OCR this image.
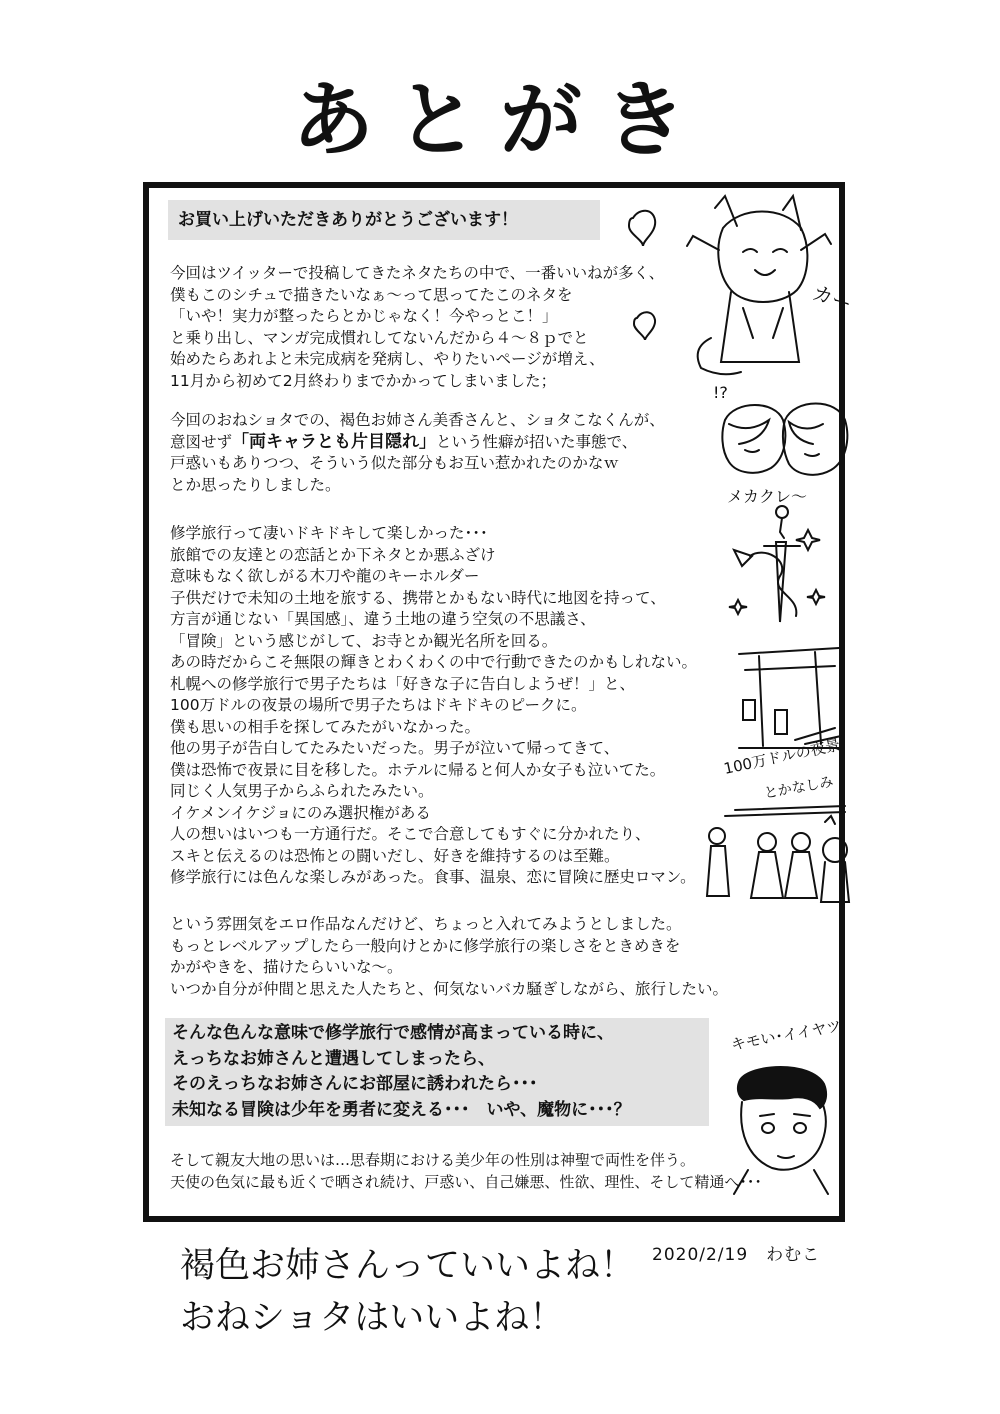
あとがき
お買い上げいただきありがとうございます！
今回はツイッターで投稿してきたネタたちの中で、一番いいねが多く、
僕もこのシチュで描きたいなぁ〜って思ってたこのネタを
「いや！実力が整ったらとかじゃなく！今やっとこ！」
と乗り出し、マンガ完成慣れしてないんだから４〜８ｐでと
始めたらあれよと未完成病を発病し、やりたいページが増え、
11月から初めて2月終わりまでかかってしまいました；
今回のおねショタでの、褐色お姉さん美香さんと、ショタこなくんが、
意図せず「両キャラとも片目隠れ」という性癖が招いた事態で、
戸惑いもありつつ、そういう似た部分もお互い惹かれたのかなｗ
とか思ったりしました。
修学旅行って凄いドキドキして楽しかった･･･
旅館での友達との恋話とか下ネタとか悪ふざけ
意味もなく欲しがる木刀や龍のキーホルダー
子供だけで未知の土地を旅する、携帯とかもない時代に地図を持って、
方言が通じない「異国感」、違う土地の違う空気の不思議さ、
「冒険」という感じがして、お寺とか観光名所を回る。
あの時だからこそ無限の輝きとわくわくの中で行動できたのかもしれない。
札幌への修学旅行で男子たちは「好きな子に告白しようぜ！」と、
100万ドルの夜景の場所で男子たちはドキドキのピークに。
僕も思いの相手を探してみたがいなかった。
他の男子が告白してたみたいだった。男子が泣いて帰ってきて、
僕は恐怖で夜景に目を移した。ホテルに帰ると何人か女子も泣いてた。
同じく人気男子からふられたみたい。
イケメンイケジョにのみ選択権がある
人の想いはいつも一方通行だ。そこで合意してもすぐに分かれたり、
スキと伝えるのは恐怖との闘いだし、好きを維持するのは至難。
修学旅行には色んな楽しみがあった。食事、温泉、恋に冒険に歴史ロマン。
という雰囲気をエロ作品なんだけど、ちょっと入れてみようとしました。
もっとレベルアップしたら一般向けとかに修学旅行の楽しさをときめきを
かがやきを、描けたらいいな〜。
いつか自分が仲間と思えた人たちと、何気ないバカ騒ぎしながら、旅行したい。
そんな色んな意味で修学旅行で感情が高まっている時に、
えっちなお姉さんと遭遇してしまったら、
そのえっちなお姉さんにお部屋に誘われたら･･･
未知なる冒険は少年を勇者に変える･･･　いや、魔物に･･･？
そして親友大地の思いは…思春期における美少年の性別は神聖で両性を伴う。
天使の色気に最も近くで晒され続け、戸惑い、自己嫌悪、性欲、理性、そして精通へ･･･
2020/2/19 わむこ
褐色お姉さんっていいよね！
おねショタはいいよね！
カー
!?
メカクレ〜
100万ドルの夜景
とかなしみ
キモい･イイヤツ
